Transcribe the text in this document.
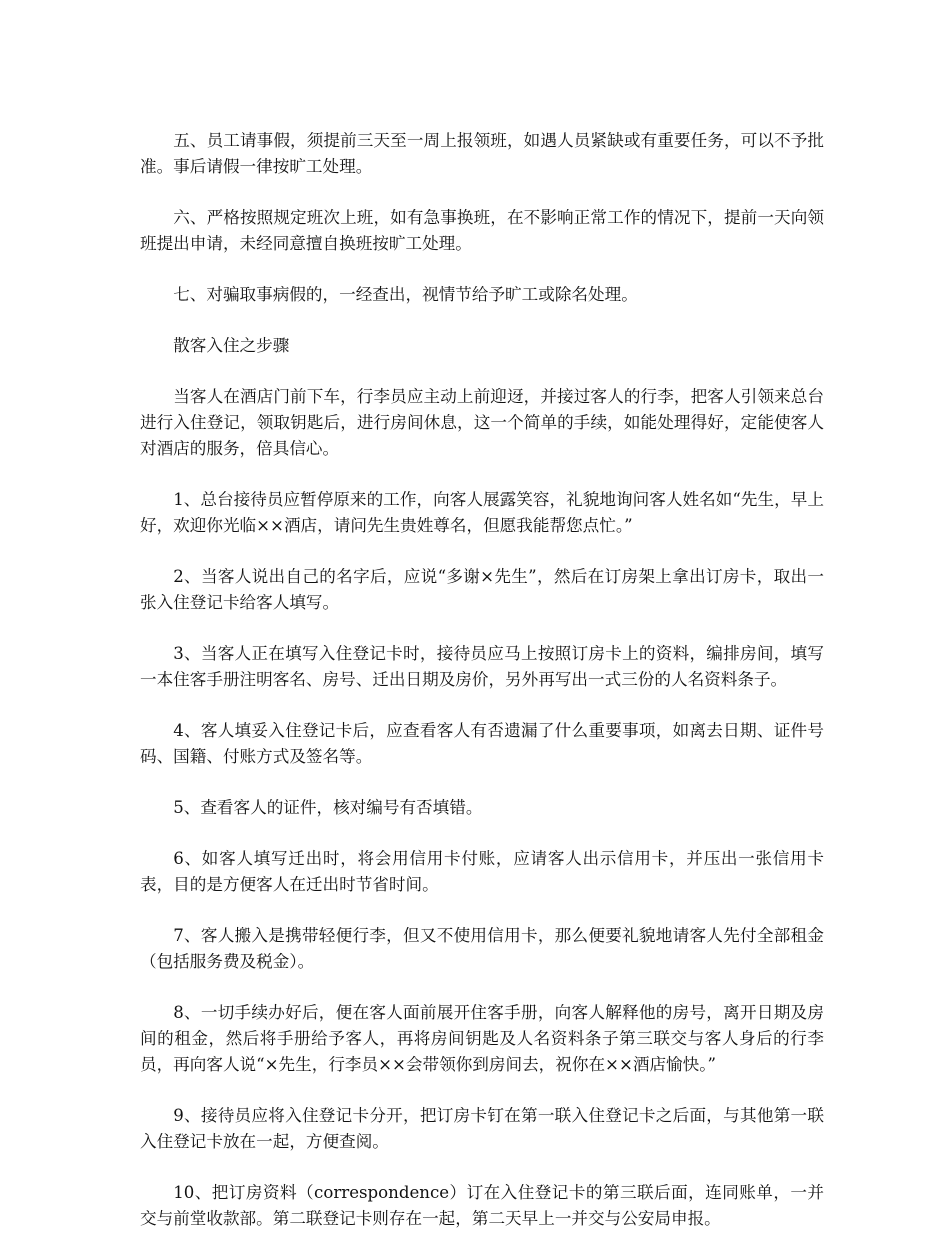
五、员工请事假，须提前三天至一周上报领班，如遇人员紧缺或有重要任务，可以不予批准。事后请假一律按旷工处理。

六、严格按照规定班次上班，如有急事换班，在不影响正常工作的情况下，提前一天向领班提出申请，未经同意擅自换班按旷工处理。

七、对骗取事病假的，一经查出，视情节给予旷工或除名处理。

散客入住之步骤

当客人在酒店门前下车，行李员应主动上前迎迓，并接过客人的行李，把客人引领来总台进行入住登记，领取钥匙后，进行房间休息，这一个简单的手续，如能处理得好，定能使客人对酒店的服务，倍具信心。

1、总台接待员应暂停原来的工作，向客人展露笑容，礼貌地询问客人姓名如“先生，早上好，欢迎你光临××酒店，请问先生贵姓尊名，但愿我能帮您点忙。”

2、当客人说出自己的名字后，应说“多谢×先生”，然后在订房架上拿出订房卡，取出一张入住登记卡给客人填写。

3、当客人正在填写入住登记卡时，接待员应马上按照订房卡上的资料，编排房间，填写一本住客手册注明客名、房号、迁出日期及房价，另外再写出一式三份的人名资料条子。

4、客人填妥入住登记卡后，应查看客人有否遗漏了什么重要事项，如离去日期、证件号码、国籍、付账方式及签名等。

5、查看客人的证件，核对编号有否填错。

6、如客人填写迁出时，将会用信用卡付账，应请客人出示信用卡，并压出一张信用卡表，目的是方便客人在迁出时节省时间。

7、客人搬入是携带轻便行李，但又不使用信用卡，那么便要礼貌地请客人先付全部租金（包括服务费及税金）。

8、一切手续办好后，便在客人面前展开住客手册，向客人解释他的房号，离开日期及房间的租金，然后将手册给予客人，再将房间钥匙及人名资料条子第三联交与客人身后的行李员，再向客人说“×先生，行李员××会带领你到房间去，祝你在××酒店愉快。”

9、接待员应将入住登记卡分开，把订房卡钉在第一联入住登记卡之后面，与其他第一联入住登记卡放在一起，方便查阅。

10、把订房资料（correspondence）订在入住登记卡的第三联后面，连同账单，一并交与前堂收款部。第二联登记卡则存在一起，第二天早上一并交与公安局申报。
